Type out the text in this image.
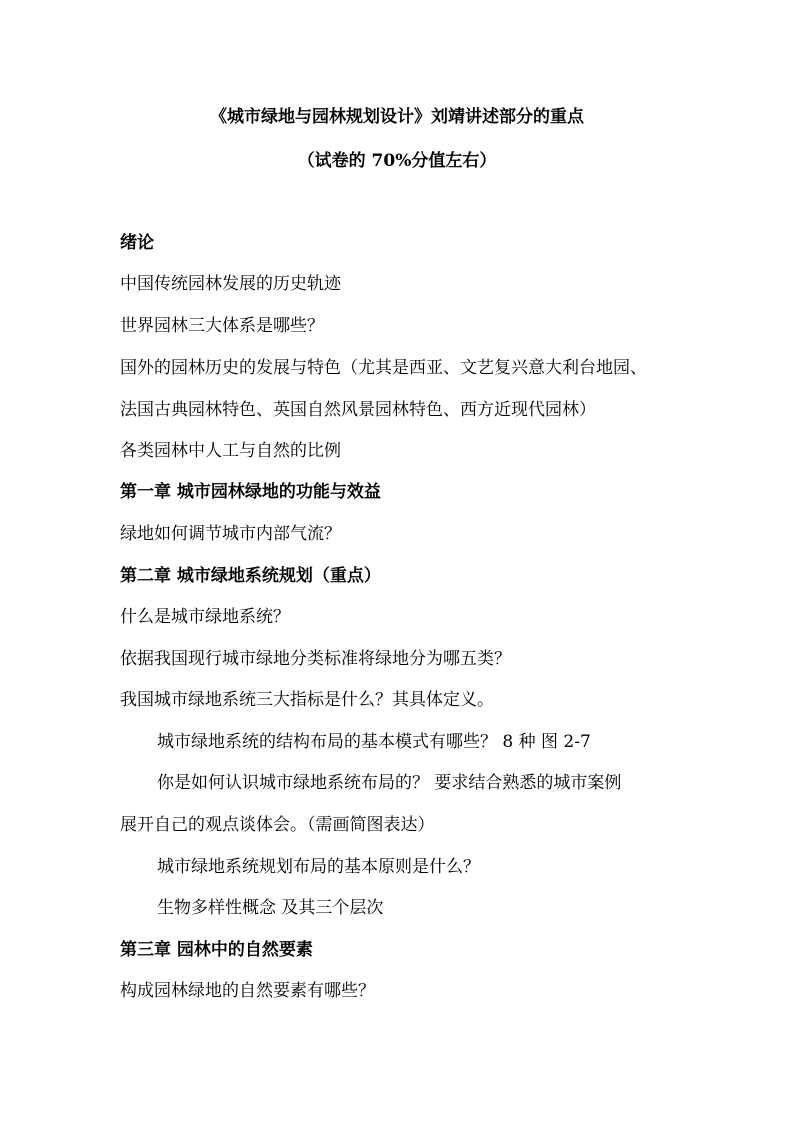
《城市绿地与园林规划设计》刘靖讲述部分的重点
（试卷的 70%分值左右）
绪论
中国传统园林发展的历史轨迹
世界园林三大体系是哪些？
国外的园林历史的发展与特色（尤其是西亚、文艺复兴意大利台地园、
法国古典园林特色、英国自然风景园林特色、西方近现代园林）
各类园林中人工与自然的比例
第一章 城市园林绿地的功能与效益
绿地如何调节城市内部气流？
第二章 城市绿地系统规划（重点）
什么是城市绿地系统？
依据我国现行城市绿地分类标准将绿地分为哪五类？
我国城市绿地系统三大指标是什么？其具体定义。
城市绿地系统的结构布局的基本模式有哪些？ 8 种 图 2-7
你是如何认识城市绿地系统布局的？ 要求结合熟悉的城市案例
展开自己的观点谈体会。（需画简图表达）
城市绿地系统规划布局的基本原则是什么？
生物多样性概念 及其三个层次
第三章 园林中的自然要素
构成园林绿地的自然要素有哪些？
